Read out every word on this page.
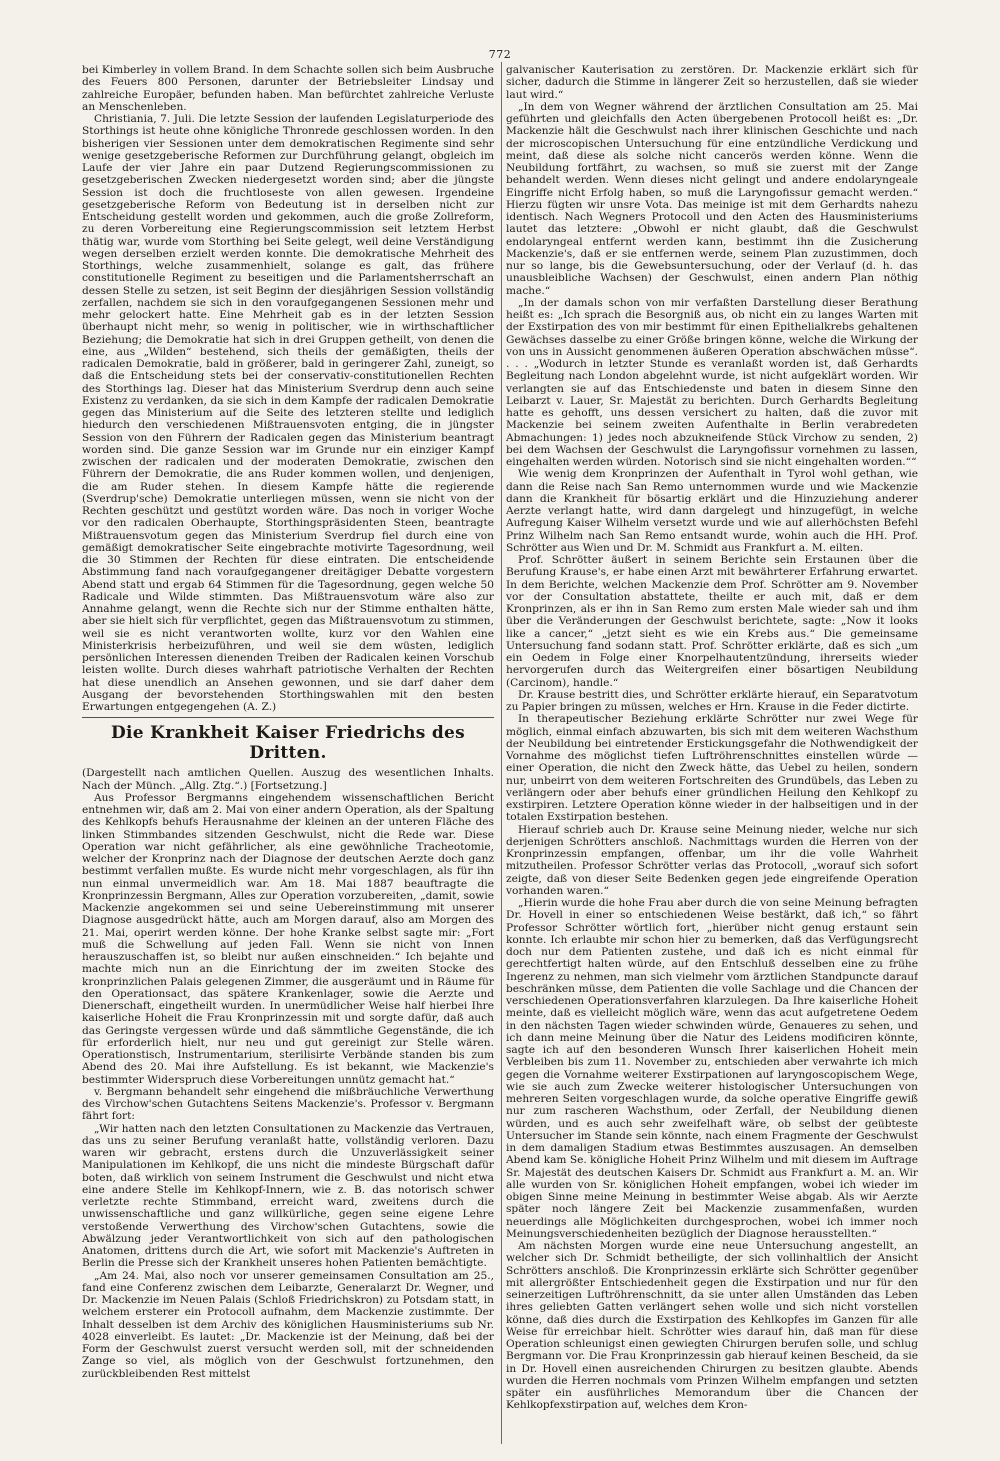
772

bei Kimberley in vollem Brand. In dem Schachte sollen sich beim Ausbruche des Feuers 800 Personen, darunter der Betriebsleiter Lindsay und zahlreiche Europäer, befunden haben. Man befürchtet zahlreiche Verluste an Menschenleben.

Christiania, 7. Juli. Die letzte Session der laufenden Legislaturperiode des Storthings ist heute ohne königliche Thronrede geschlossen worden. In den bisherigen vier Sessionen unter dem demokratischen Regimente sind sehr wenige gesetzgeberische Reformen zur Durchführung gelangt, obgleich im Laufe der vier Jahre ein paar Dutzend Regierungscommissionen zu gesetzgeberischen Zwecken niedergesetzt worden sind; aber die jüngste Session ist doch die fruchtloseste von allen gewesen. Irgendeine gesetzgeberische Reform von Bedeutung ist in derselben nicht zur Entscheidung gestellt worden und gekommen, auch die große Zollreform, zu deren Vorbereitung eine Regierungscommission seit letztem Herbst thätig war, wurde vom Storthing bei Seite gelegt, weil deine Verständigung wegen derselben erzielt werden konnte. Die demokratische Mehrheit des Storthings, welche zusammenhielt, solange es galt, das frühere constitutionelle Regiment zu beseitigen und die Parlamentsherrschaft an dessen Stelle zu setzen, ist seit Beginn der diesjährigen Session vollständig zerfallen, nachdem sie sich in den voraufgegangenen Sessionen mehr und mehr gelockert hatte. Eine Mehrheit gab es in der letzten Session überhaupt nicht mehr, so wenig in politischer, wie in wirthschaftlicher Beziehung; die Demokratie hat sich in drei Gruppen getheilt, von denen die eine, aus „Wilden“ bestehend, sich theils der gemäßigten, theils der radicalen Demokratie, bald in größerer, bald in geringerer Zahl, zuneigt, so daß die Entscheidung stets bei der conservativ-constitutionellen Rechten des Storthings lag. Dieser hat das Ministerium Sverdrup denn auch seine Existenz zu verdanken, da sie sich in dem Kampfe der radicalen Demokratie gegen das Ministerium auf die Seite des letzteren stellte und lediglich hiedurch den verschiedenen Mißtrauensvoten entging, die in jüngster Session von den Führern der Radicalen gegen das Ministerium beantragt worden sind. Die ganze Session war im Grunde nur ein einziger Kampf zwischen der radicalen und der moderaten Demokratie, zwischen den Führern der Demokratie, die ans Ruder kommen wollen, und denjenigen, die am Ruder stehen. In diesem Kampfe hätte die regierende (Sverdrup'sche) Demokratie unterliegen müssen, wenn sie nicht von der Rechten geschützt und gestützt worden wäre. Das noch in voriger Woche vor den radicalen Oberhaupte, Storthingspräsidenten Steen, beantragte Mißtrauensvotum gegen das Ministerium Sverdrup fiel durch eine von gemäßigt demokratischer Seite eingebrachte motivirte Tagesordnung, weil die 30 Stimmen der Rechten für diese eintraten. Die entscheidende Abstimmung fand nach voraufgegangener dreitägiger Debatte vorgestern Abend statt und ergab 64 Stimmen für die Tagesordnung, gegen welche 50 Radicale und Wilde stimmten. Das Mißtrauensvotum wäre also zur Annahme gelangt, wenn die Rechte sich nur der Stimme enthalten hätte, aber sie hielt sich für verpflichtet, gegen das Mißtrauensvotum zu stimmen, weil sie es nicht verantworten wollte, kurz vor den Wahlen eine Ministerkrisis herbeizuführen, und weil sie dem wüsten, lediglich persönlichen Interessen dienenden Treiben der Radicalen keinen Vorschub leisten wollte. Durch dieses wahrhaft patriotische Verhalten der Rechten hat diese unendlich an Ansehen gewonnen, und sie darf daher dem Ausgang der bevorstehenden Storthingswahlen mit den besten Erwartungen entgegengehen (A. Z.)

Die Krankheit Kaiser Friedrichs des Dritten.

(Dargestellt nach amtlichen Quellen. Auszug des wesentlichen Inhalts. Nach der Münch. „Allg. Ztg.“.) [Fortsetzung.]

Aus Professor Bergmanns eingehendem wissenschaftlichen Bericht entnehmen wir, daß am 2. Mai von einer andern Operation, als der Spaltung des Kehlkopfs behufs Herausnahme der kleinen an der unteren Fläche des linken Stimmbandes sitzenden Geschwulst, nicht die Rede war. Diese Operation war nicht gefährlicher, als eine gewöhnliche Tracheotomie, welcher der Kronprinz nach der Diagnose der deutschen Aerzte doch ganz bestimmt verfallen mußte. Es wurde nicht mehr vorgeschlagen, als für ihn nun einmal unvermeidlich war. Am 18. Mai 1887 beauftragte die Kronprinzessin Bergmann, Alles zur Operation vorzubereiten, „damit, sowie Mackenzie angekommen sei und seine Uebereinstimmung mit unserer Diagnose ausgedrückt hätte, auch am Morgen darauf, also am Morgen des 21. Mai, operirt werden könne. Der hohe Kranke selbst sagte mir: „Fort muß die Schwellung auf jeden Fall. Wenn sie nicht von Innen herauszuschaffen ist, so bleibt nur außen einschneiden.“ Ich bejahte und machte mich nun an die Einrichtung der im zweiten Stocke des kronprinzlichen Palais gelegenen Zimmer, die ausgeräumt und in Räume für den Operationsact, das spätere Krankenlager, sowie die Aerzte und Dienerschaft, eingetheilt wurden. In unermüdlicher Weise half hierbei Ihre kaiserliche Hoheit die Frau Kronprinzessin mit und sorgte dafür, daß auch das Geringste vergessen würde und daß sämmtliche Gegenstände, die ich für erforderlich hielt, nur neu und gut gereinigt zur Stelle wären. Operationstisch, Instrumentarium, sterilisirte Verbände standen bis zum Abend des 20. Mai ihre Aufstellung. Es ist bekannt, wie Mackenzie's bestimmter Widerspruch diese Vorbereitungen unnütz gemacht hat.“

v. Bergmann behandelt sehr eingehend die mißbräuchliche Verwerthung des Virchow'schen Gutachtens Seitens Mackenzie's. Professor v. Bergmann fährt fort:

„Wir hatten nach den letzten Consultationen zu Mackenzie das Vertrauen, das uns zu seiner Berufung veranlaßt hatte, vollständig verloren. Dazu waren wir gebracht, erstens durch die Unzuverlässigkeit seiner Manipulationen im Kehlkopf, die uns nicht die mindeste Bürgschaft dafür boten, daß wirklich von seinem Instrument die Geschwulst und nicht etwa eine andere Stelle im Kehlkopf-Innern, wie z. B. das notorisch schwer verletzte rechte Stimmband, erreicht ward, zweitens durch die unwissenschaftliche und ganz willkürliche, gegen seine eigene Lehre verstoßende Verwerthung des Virchow'schen Gutachtens, sowie die Abwälzung jeder Verantwortlichkeit von sich auf den pathologischen Anatomen, drittens durch die Art, wie sofort mit Mackenzie's Auftreten in Berlin die Presse sich der Krankheit unseres hohen Patienten bemächtigte.

„Am 24. Mai, also noch vor unserer gemeinsamen Consultation am 25., fand eine Conferenz zwischen dem Leibarzte, Generalarzt Dr. Wegner, und Dr. Mackenzie im Neuen Palais (Schloß Friedrichskron) zu Potsdam statt, in welchem ersterer ein Protocoll aufnahm, dem Mackenzie zustimmte. Der Inhalt desselben ist dem Archiv des königlichen Hausministeriums sub Nr. 4028 einverleibt. Es lautet: „Dr. Mackenzie ist der Meinung, daß bei der Form der Geschwulst zuerst versucht werden soll, mit der schneidenden Zange so viel, als möglich von der Geschwulst fortzunehmen, den zurückbleibenden Rest mittelst

galvanischer Kauterisation zu zerstören. Dr. Mackenzie erklärt sich für sicher, dadurch die Stimme in längerer Zeit so herzustellen, daß sie wieder laut wird.“

„In dem von Wegner während der ärztlichen Consultation am 25. Mai geführten und gleichfalls den Acten übergebenen Protocoll heißt es: „Dr. Mackenzie hält die Geschwulst nach ihrer klinischen Geschichte und nach der microscopischen Untersuchung für eine entzündliche Verdickung und meint, daß diese als solche nicht cancerös werden könne. Wenn die Neubildung fortfährt, zu wachsen, so muß sie zuerst mit der Zange behandelt werden. Wenn dieses nicht gelingt und andere endolaryngeale Eingriffe nicht Erfolg haben, so muß die Laryngofissur gemacht werden.“ Hierzu fügten wir unsre Vota. Das meinige ist mit dem Gerhardts nahezu identisch. Nach Wegners Protocoll und den Acten des Hausministeriums lautet das letztere: „Obwohl er nicht glaubt, daß die Geschwulst endolaryngeal entfernt werden kann, bestimmt ihn die Zusicherung Mackenzie's, daß er sie entfernen werde, seinem Plan zuzustimmen, doch nur so lange, bis die Gewebsuntersuchung, oder der Verlauf (d. h. das unausbleibliche Wachsen) der Geschwulst, einen andern Plan nöthig mache.“

„In der damals schon von mir verfaßten Darstellung dieser Berathung heißt es: „Ich sprach die Besorgniß aus, ob nicht ein zu langes Warten mit der Exstirpation des von mir bestimmt für einen Epithelialkrebs gehaltenen Gewächses dasselbe zu einer Größe bringen könne, welche die Wirkung der von uns in Aussicht genommenen äußeren Operation abschwächen müsse“. . . . „Wodurch in letzter Stunde es veranlaßt worden ist, daß Gerhardts Begleitung nach London abgelehnt wurde, ist nicht aufgeklärt worden. Wir verlangten sie auf das Entschiedenste und baten in diesem Sinne den Leibarzt v. Lauer, Sr. Majestät zu berichten. Durch Gerhardts Begleitung hatte es gehofft, uns dessen versichert zu halten, daß die zuvor mit Mackenzie bei seinem zweiten Aufenthalte in Berlin verabredeten Abmachungen: 1) jedes noch abzukneifende Stück Virchow zu senden, 2) bei dem Wachsen der Geschwulst die Laryngofissur vornehmen zu lassen, eingehalten werden würden. Notorisch sind sie nicht eingehalten worden.““

Wie wenig dem Kronprinzen der Aufenthalt in Tyrol wohl gethan, wie dann die Reise nach San Remo unternommen wurde und wie Mackenzie dann die Krankheit für bösartig erklärt und die Hinzuziehung anderer Aerzte verlangt hatte, wird dann dargelegt und hinzugefügt, in welche Aufregung Kaiser Wilhelm versetzt wurde und wie auf allerhöchsten Befehl Prinz Wilhelm nach San Remo entsandt wurde, wohin auch die HH. Prof. Schrötter aus Wien und Dr. M. Schmidt aus Frankfurt a. M. eilten.

Prof. Schrötter äußert in seinem Berichte sein Erstaunen über die Berufung Krause's, er habe einen Arzt mit bewährterer Erfahrung erwartet. In dem Berichte, welchen Mackenzie dem Prof. Schrötter am 9. November vor der Consultation abstattete, theilte er auch mit, daß er dem Kronprinzen, als er ihn in San Remo zum ersten Male wieder sah und ihm über die Veränderungen der Geschwulst berichtete, sagte: „Now it looks like a cancer,“ „jetzt sieht es wie ein Krebs aus.“ Die gemeinsame Untersuchung fand sodann statt. Prof. Schrötter erklärte, daß es sich „um ein Oedem in Folge einer Knorpelhautentzündung, ihrerseits wieder hervorgerufen durch das Weitergreifen einer bösartigen Neubildung (Carcinom), handle.“

Dr. Krause bestritt dies, und Schrötter erklärte hierauf, ein Separatvotum zu Papier bringen zu müssen, welches er Hrn. Krause in die Feder dictirte.

In therapeutischer Beziehung erklärte Schrötter nur zwei Wege für möglich, einmal einfach abzuwarten, bis sich mit dem weiteren Wachsthum der Neubildung bei eintretender Erstickungsgefahr die Nothwendigkeit der Vornahme des möglichst tiefen Luftröhrenschnittes einstellen würde — einer Operation, die nicht den Zweck hätte, das Uebel zu heilen, sondern nur, unbeirrt von dem weiteren Fortschreiten des Grundübels, das Leben zu verlängern oder aber behufs einer gründlichen Heilung den Kehlkopf zu exstirpiren. Letztere Operation könne wieder in der halbseitigen und in der totalen Exstirpation bestehen.

Hierauf schrieb auch Dr. Krause seine Meinung nieder, welche nur sich derjenigen Schrötters anschloß. Nachmittags wurden die Herren von der Kronprinzessin empfangen, offenbar, um ihr die volle Wahrheit mitzutheilen. Professor Schrötter verlas das Protocoll, „worauf sich sofort zeigte, daß von dieser Seite Bedenken gegen jede eingreifende Operation vorhanden waren.“

„Hierin wurde die hohe Frau aber durch die von seine Meinung befragten Dr. Hovell in einer so entschiedenen Weise bestärkt, daß ich,“ so fährt Professor Schrötter wörtlich fort, „hierüber nicht genug erstaunt sein konnte. Ich erlaubte mir schon hier zu bemerken, daß das Verfügungsrecht doch nur dem Patienten zustehe, und daß ich es nicht einmal für gerechtfertigt halten würde, auf den Entschluß desselben eine zu frühe Ingerenz zu nehmen, man sich vielmehr vom ärztlichen Standpuncte darauf beschränken müsse, dem Patienten die volle Sachlage und die Chancen der verschiedenen Operationsverfahren klarzulegen. Da Ihre kaiserliche Hoheit meinte, daß es vielleicht möglich wäre, wenn das acut aufgetretene Oedem in den nächsten Tagen wieder schwinden würde, Genaueres zu sehen, und ich dann meine Meinung über die Natur des Leidens modificiren könnte, sagte ich auf den besonderen Wunsch Ihrer kaiserlichen Hoheit mein Verbleiben bis zum 11. November zu, entschieden aber verwahrte ich mich gegen die Vornahme weiterer Exstirpationen auf laryngoscopischem Wege, wie sie auch zum Zwecke weiterer histologischer Untersuchungen von mehreren Seiten vorgeschlagen wurde, da solche operative Eingriffe gewiß nur zum rascheren Wachsthum, oder Zerfall, der Neubildung dienen würden, und es auch sehr zweifelhaft wäre, ob selbst der geübteste Untersucher im Stande sein könnte, nach einem Fragmente der Geschwulst in dem damaligen Stadium etwas Bestimmtes auszusagen. An demselben Abend kam Se. königliche Hoheit Prinz Wilhelm und mit diesem im Auftrage Sr. Majestät des deutschen Kaisers Dr. Schmidt aus Frankfurt a. M. an. Wir alle wurden von Sr. königlichen Hoheit empfangen, wobei ich wieder im obigen Sinne meine Meinung in bestimmter Weise abgab. Als wir Aerzte später noch längere Zeit bei Mackenzie zusammenfaßen, wurden neuerdings alle Möglichkeiten durchgesprochen, wobei ich immer noch Meinungsverschiedenheiten bezüglich der Diagnose herausstellten.“

Am nächsten Morgen wurde eine neue Untersuchung angestellt, an welcher sich Dr. Schmidt betheiligte, der sich vollinhaltlich der Ansicht Schrötters anschloß. Die Kronprinzessin erklärte sich Schrötter gegenüber mit allergrößter Entschiedenheit gegen die Exstirpation und nur für den seinerzeitigen Luftröhrenschnitt, da sie unter allen Umständen das Leben ihres geliebten Gatten verlängert sehen wolle und sich nicht vorstellen könne, daß dies durch die Exstirpation des Kehlkopfes im Ganzen für alle Weise für erreichbar hielt. Schrötter wies darauf hin, daß man für diese Operation schleunigst einen gewiegten Chirurgen berufen solle, und schlug Bergmann vor. Die Frau Kronprinzessin gab hierauf keinen Bescheid, da sie in Dr. Hovell einen ausreichenden Chirurgen zu besitzen glaubte. Abends wurden die Herren nochmals vom Prinzen Wilhelm empfangen und setzten später ein ausführliches Memorandum über die Chancen der Kehlkopfexstirpation auf, welches dem Kron-
